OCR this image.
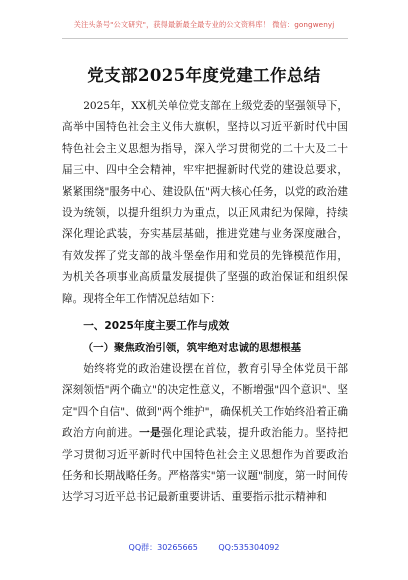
关注头条号"公文研究"，获得最新最全最专业的公文资料库！ 微信：gongwenyj
党支部2025年度党建工作总结

2025年，XX机关单位党支部在上级党委的坚强领导下，高举中国特色社会主义伟大旗帜，坚持以习近平新时代中国特色社会主义思想为指导，深入学习贯彻党的二十大及二十届三中、四中全会精神，牢牢把握新时代党的建设总要求，紧紧围绕"服务中心、建设队伍"两大核心任务，以党的政治建设为统领，以提升组织力为重点，以正风肃纪为保障，持续深化理论武装，夯实基层基础，推进党建与业务深度融合，有效发挥了党支部的战斗堡垒作用和党员的先锋模范作用，为机关各项事业高质量发展提供了坚强的政治保证和组织保障。现将全年工作情况总结如下：

一、2025年度主要工作与成效
（一）聚焦政治引领，筑牢绝对忠诚的思想根基

始终将党的政治建设摆在首位，教育引导全体党员干部深刻领悟"两个确立"的决定性意义，不断增强"四个意识"、坚定"四个自信"、做到"两个维护"，确保机关工作始终沿着正确政治方向前进。一是强化理论武装，提升政治能力。坚持把学习贯彻习近平新时代中国特色社会主义思想作为首要政治任务和长期战略任务。严格落实"第一议题"制度，第一时间传达学习习近平总书记最新重要讲话、重要指示批示精神和

QQ群：30265665	QQ:535304092
